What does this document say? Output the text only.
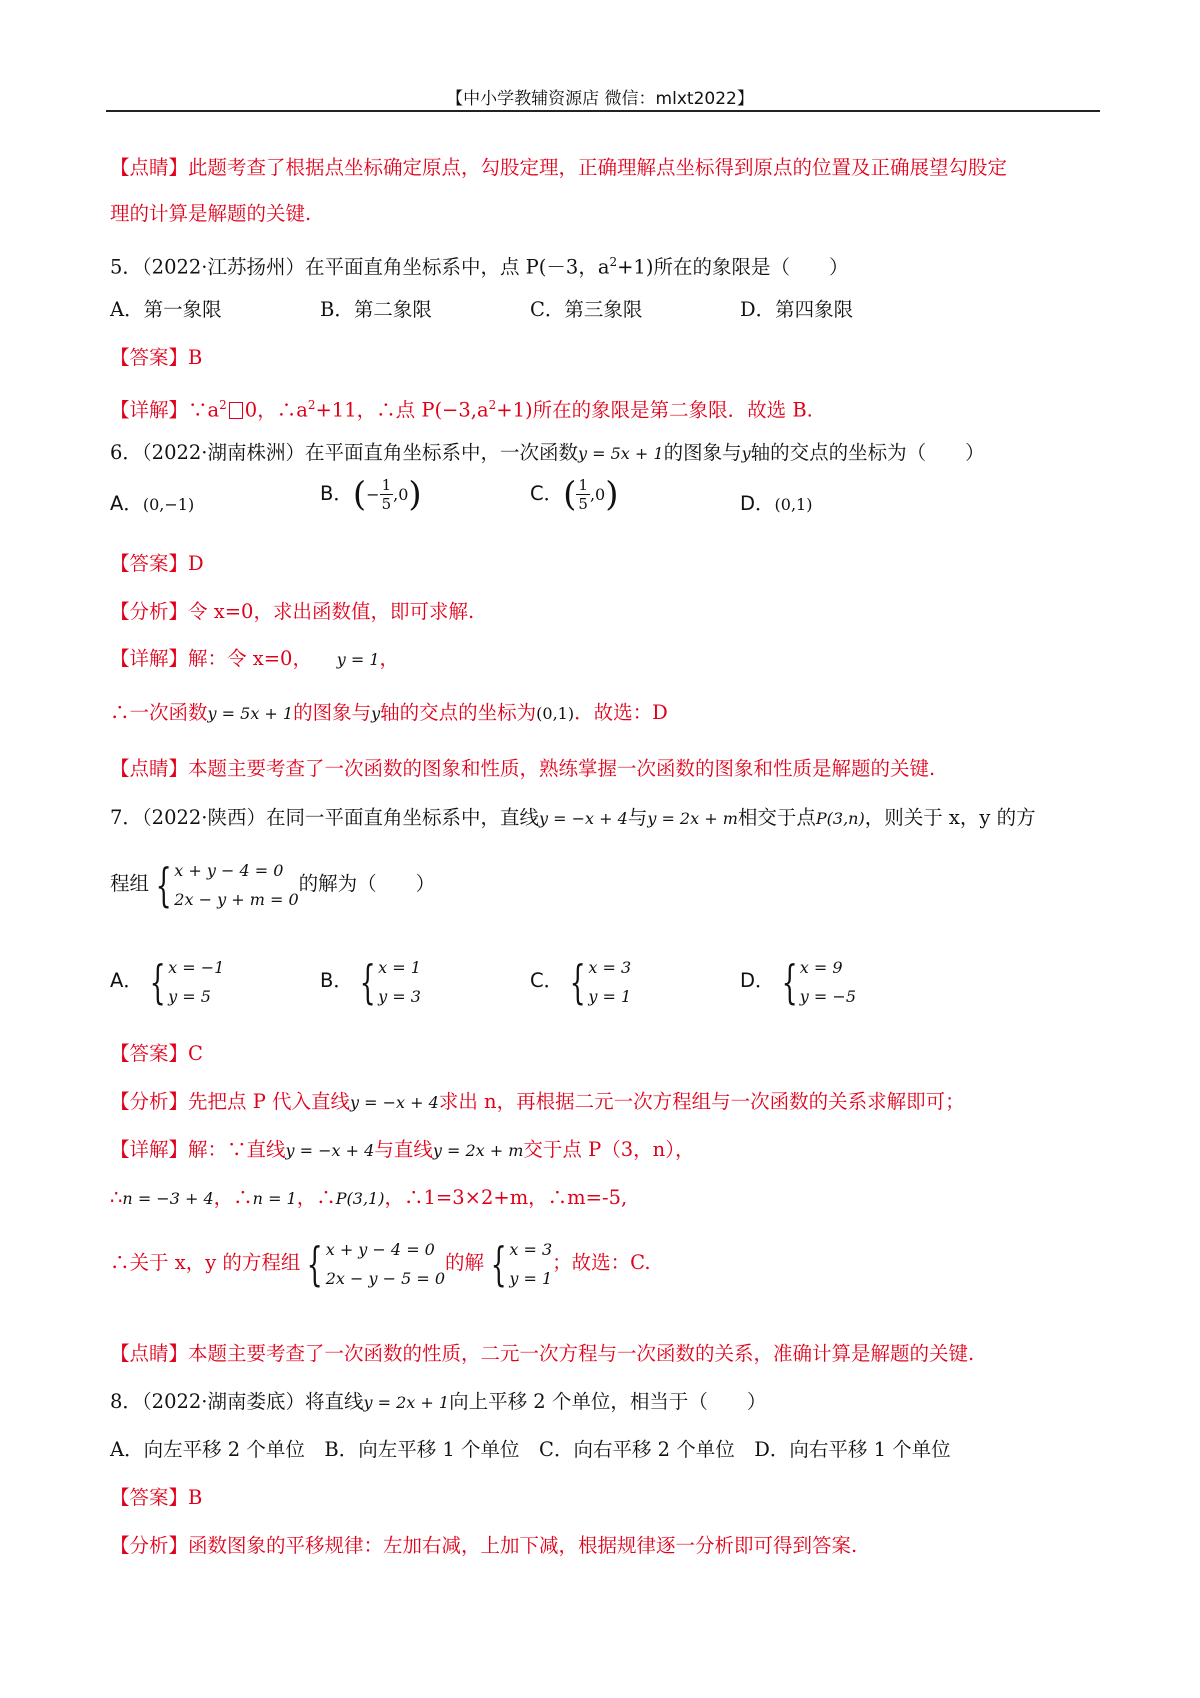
【中小学教辅资源店 微信：mlxt2022】
【点睛】此题考查了根据点坐标确定原点，勾股定理，正确理解点坐标得到原点的位置及正确展望勾股定
理的计算是解题的关键.
5．（2022·江苏扬州）在平面直角坐标系中，点 P(－3，$a^2+1$)所在的象限是（　　）
A．第一象限	B．第二象限	C．第三象限	D．第四象限
【答案】B
【详解】$\because a^2$ 0，$\therefore a^2+11$，∴点 $P(-3,a^2+1)$所在的象限是第二象限．故选 B.
6．（2022·湖南株洲）在平面直角坐标系中，一次函数y = 5x + 1的图象与y轴的交点的坐标为（　　）
A．(0,−1)	B．(− $\frac{1}{5} ,0$)	C．( $\frac{1}{5} ,0$)	D．(0,1)
【答案】D
【分析】令 x=0，求出函数值，即可求解.
【详解】解：令 x=0， y = 1，
∴一次函数y = 5x + 1的图象与y轴的交点的坐标为(0,1)．故选：D
【点睛】本题主要考查了一次函数的图象和性质，熟练掌握一次函数的图象和性质是解题的关键.
7．（2022·陕西）在同一平面直角坐标系中，直线y = −x + 4与y = 2x + m相交于点P(3,n)，则关于 x，y 的方
程组 { x + y − 4 = 0
2x − y + m = 0
的解为（　　）
A． { x = −1
y = 5
B． { x = 1
y = 3
C． { x = 3
y = 1
D． { x = 9
y = −5
【答案】C
【分析】先把点 P 代入直线y = −x + 4求出 n，再根据二元一次方程组与一次函数的关系求解即可；
【详解】解：∵直线y = −x + 4与直线y = 2x + m交于点 P（3，n），
∴n = −3 + 4，∴n = 1，∴P(3,1)，∴1=3×2+m，∴m=-5,
∴关于 x，y 的方程组 { x + y − 4 = 0
2x − y − 5 = 0
的解 { x = 3
y = 1
；故选：C.
【点睛】本题主要考查了一次函数的性质，二元一次方程与一次函数的关系，准确计算是解题的关键.
8．（2022·湖南娄底）将直线y = 2x + 1向上平移 2 个单位，相当于（　　）
A．向左平移 2 个单位　B．向左平移 1 个单位　C．向右平移 2 个单位　D．向右平移 1 个单位
【答案】B
【分析】函数图象的平移规律：左加右减，上加下减，根据规律逐一分析即可得到答案.
